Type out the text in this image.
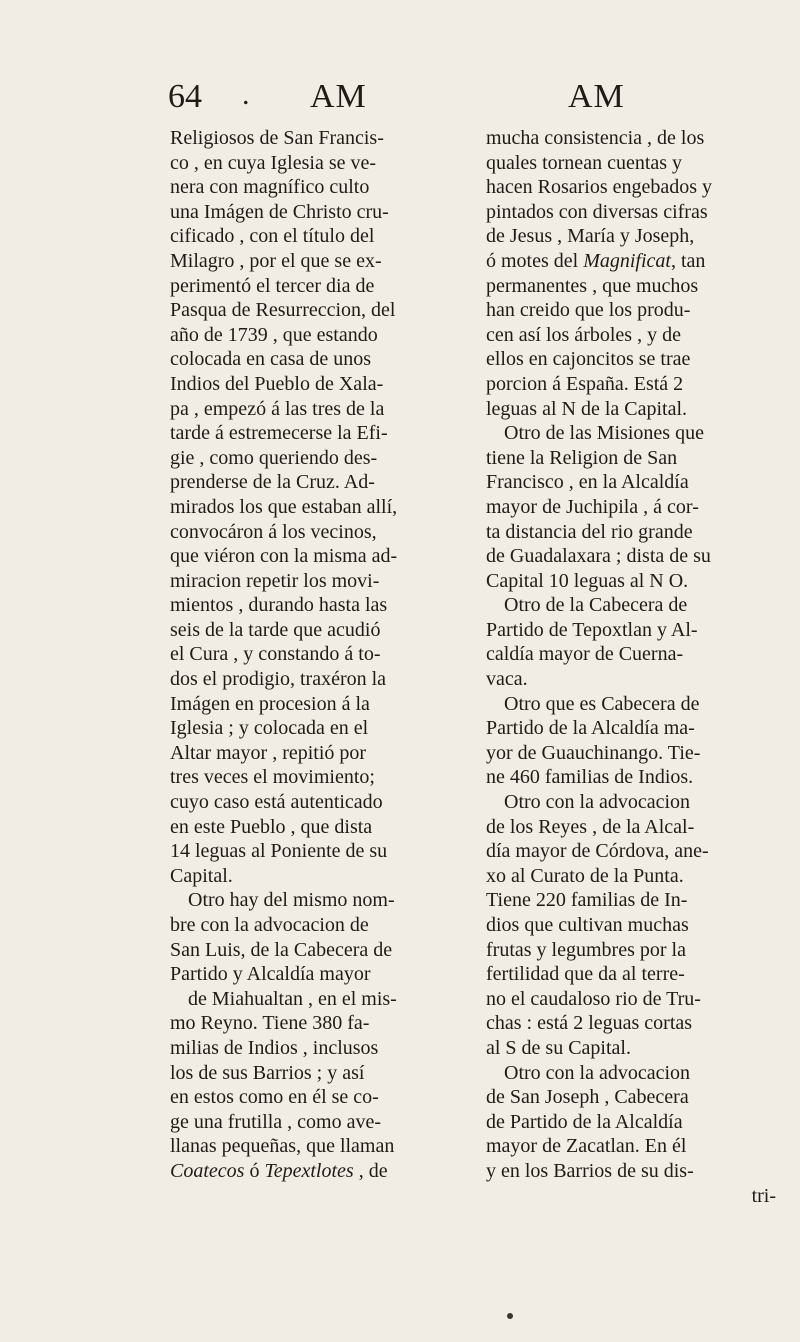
64 . AM	AM
Religiosos de San Francis-
co , en cuya Iglesia se ve-
nera con magnífico culto
una Imágen de Christo cru-
cificado , con el título del
Milagro , por el que se ex-
perimentó el tercer dia de
Pasqua de Resurreccion, del
año de 1739 , que estando
colocada en casa de unos
Indios del Pueblo de Xala-
pa , empezó á las tres de la
tarde á estremecerse la Efi-
gie , como queriendo des-
prenderse de la Cruz. Ad-
mirados los que estaban allí,
convocáron á los vecinos,
que viéron con la misma ad-
miracion repetir los movi-
mientos , durando hasta las
seis de la tarde que acudió
el Cura , y constando á to-
dos el prodigio, traxéron la
Imágen en procesion á la
Iglesia ; y colocada en el
Altar mayor , repitió por
tres veces el movimiento;
cuyo caso está autenticado
en este Pueblo , que dista
14 leguas al Poniente de su
Capital.
Otro hay del mismo nom-
bre con la advocacion de
San Luis, de la Cabecera de
Partido y Alcaldía mayor
de Miahualtan , en el mis-
mo Reyno. Tiene 380 fa-
milias de Indios , inclusos
los de sus Barrios ; y así
en estos como en él se co-
ge una frutilla , como ave-
llanas pequeñas, que llaman
Coatecos ó Tepextlotes , de
mucha consistencia , de los
quales tornean cuentas y
hacen Rosarios engebados y
pintados con diversas cifras
de Jesus , María y Joseph,
ó motes del Magnificat, tan
permanentes , que muchos
han creido que los produ-
cen así los árboles , y de
ellos en cajoncitos se trae
porcion á España. Está 2
leguas al N de la Capital.
Otro de las Misiones que
tiene la Religion de San
Francisco , en la Alcaldía
mayor de Juchipila , á cor-
ta distancia del rio grande
de Guadalaxara ; dista de su
Capital 10 leguas al N O.
Otro de la Cabecera de
Partido de Tepoxtlan y Al-
caldía mayor de Cuerna-
vaca.
Otro que es Cabecera de
Partido de la Alcaldía ma-
yor de Guauchinango. Tie-
ne 460 familias de Indios.
Otro con la advocacion
de los Reyes , de la Alcal-
día mayor de Córdova, ane-
xo al Curato de la Punta.
Tiene 220 familias de In-
dios que cultivan muchas
frutas y legumbres por la
fertilidad que da al terre-
no el caudaloso rio de Tru-
chas : está 2 leguas cortas
al S de su Capital.
Otro con la advocacion
de San Joseph , Cabecera
de Partido de la Alcaldía
mayor de Zacatlan. En él
y en los Barrios de su dis-
tri-
